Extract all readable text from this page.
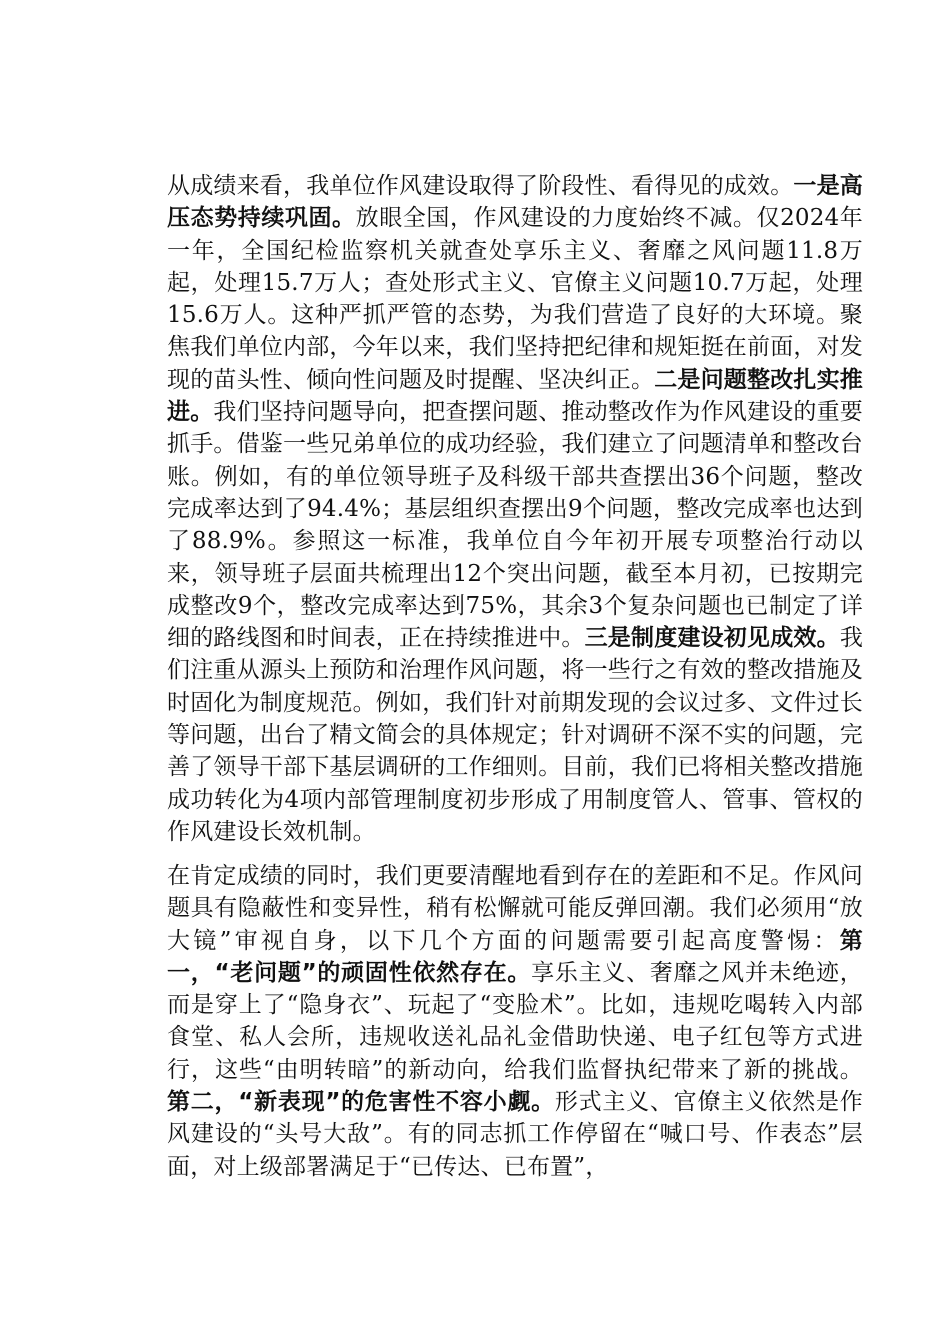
从成绩来看，我单位作风建设取得了阶段性、看得见的成效。一是高压态势持续巩固。放眼全国，作风建设的力度始终不减。仅2024年一年，全国纪检监察机关就查处享乐主义、奢靡之风问题11.8万起，处理15.7万人；查处形式主义、官僚主义问题10.7万起，处理15.6万人。这种严抓严管的态势，为我们营造了良好的大环境。聚焦我们单位内部，今年以来，我们坚持把纪律和规矩挺在前面，对发现的苗头性、倾向性问题及时提醒、坚决纠正。二是问题整改扎实推进。我们坚持问题导向，把查摆问题、推动整改作为作风建设的重要抓手。借鉴一些兄弟单位的成功经验，我们建立了问题清单和整改台账。例如，有的单位领导班子及科级干部共查摆出36个问题，整改完成率达到了94.4%；基层组织查摆出9个问题，整改完成率也达到了88.9%。参照这一标准，我单位自今年初开展专项整治行动以来，领导班子层面共梳理出12个突出问题，截至本月初，已按期完成整改9个，整改完成率达到75%，其余3个复杂问题也已制定了详细的路线图和时间表，正在持续推进中。三是制度建设初见成效。我们注重从源头上预防和治理作风问题，将一些行之有效的整改措施及时固化为制度规范。例如，我们针对前期发现的会议过多、文件过长等问题，出台了精文简会的具体规定；针对调研不深不实的问题，完善了领导干部下基层调研的工作细则。目前，我们已将相关整改措施成功转化为4项内部管理制度初步形成了用制度管人、管事、管权的作风建设长效机制。
在肯定成绩的同时，我们更要清醒地看到存在的差距和不足。作风问题具有隐蔽性和变异性，稍有松懈就可能反弹回潮。我们必须用“放大镜”审视自身，以下几个方面的问题需要引起高度警惕：第一，“老问题”的顽固性依然存在。享乐主义、奢靡之风并未绝迹，而是穿上了“隐身衣”、玩起了“变脸术”。比如，违规吃喝转入内部食堂、私人会所，违规收送礼品礼金借助快递、电子红包等方式进行，这些“由明转暗”的新动向，给我们监督执纪带来了新的挑战。第二，“新表现”的危害性不容小觑。形式主义、官僚主义依然是作风建设的“头号大敌”。有的同志抓工作停留在“喊口号、作表态”层面，对上级部署满足于“已传达、已布置”，
